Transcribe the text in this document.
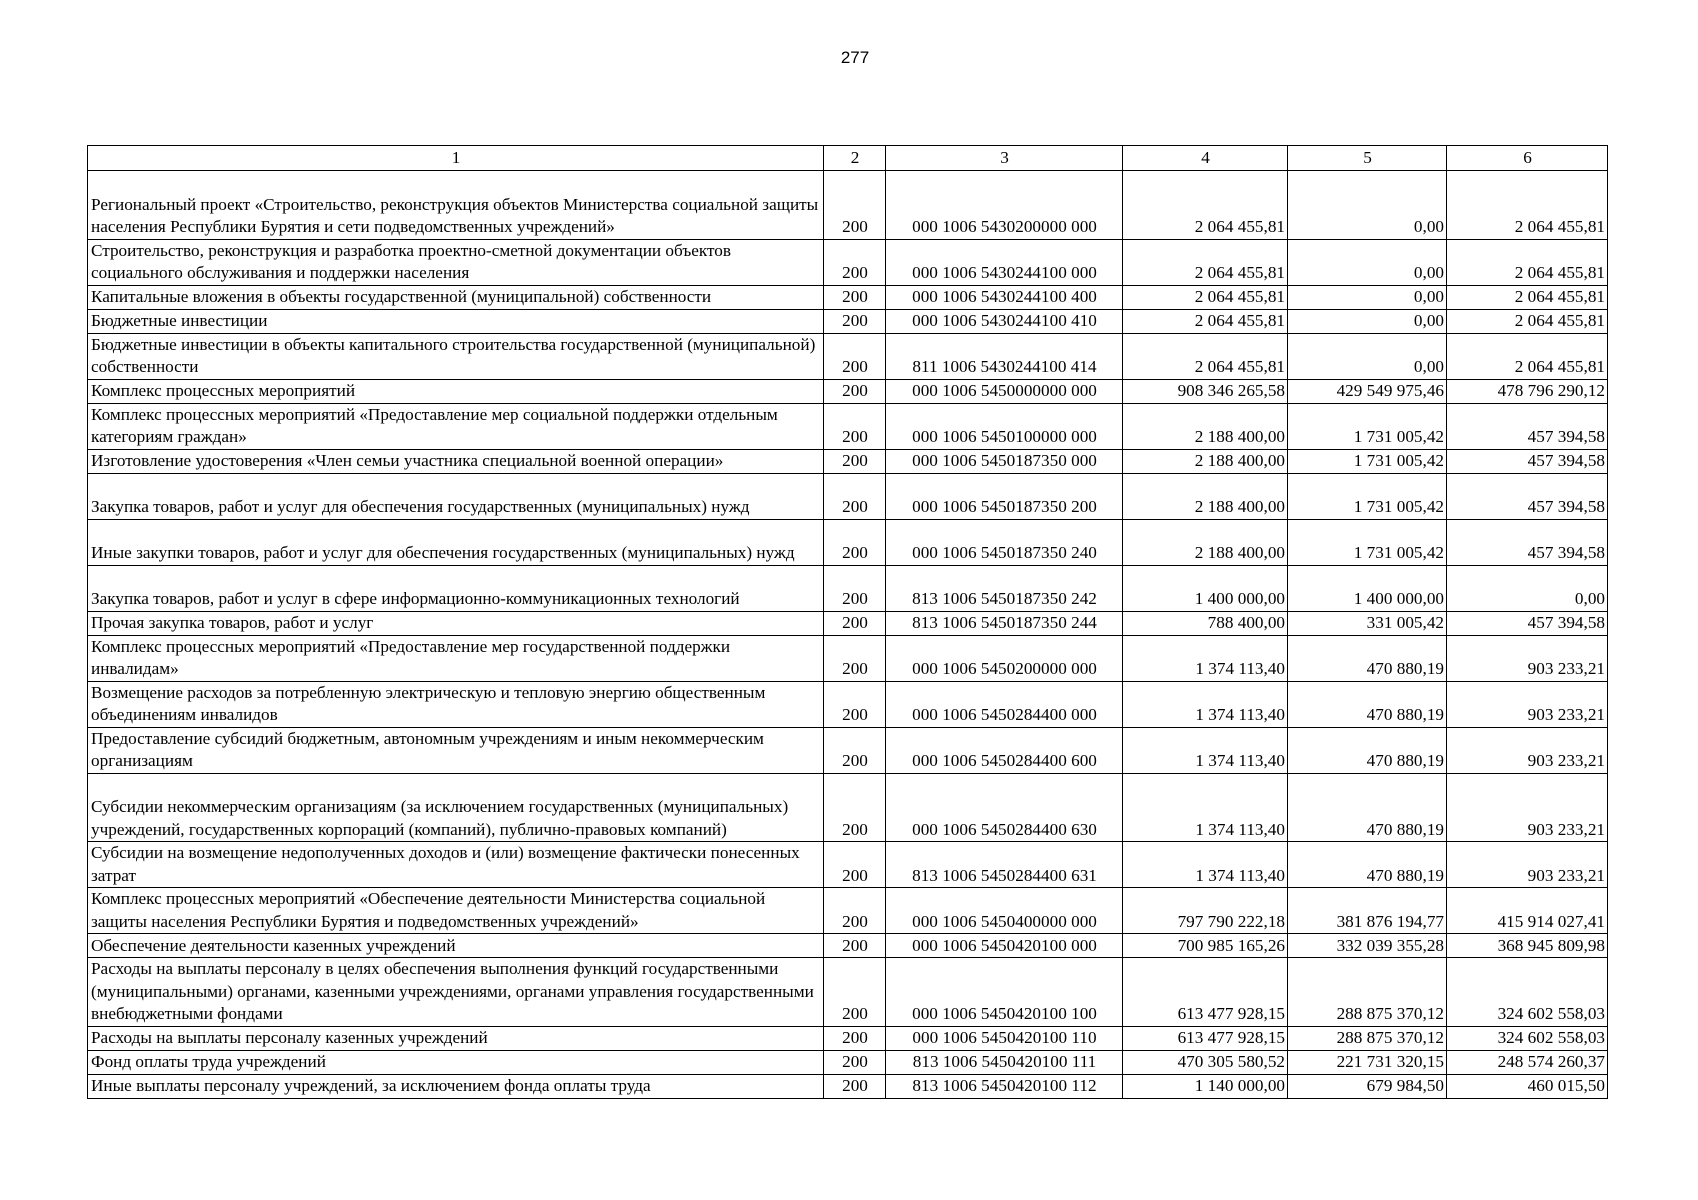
277
1	2	3	4	5	6
Региональный проект «Строительство, реконструкция объектов Министерства социальной защиты населения Республики Бурятия и сети подведомственных учреждений»	200	000 1006 5430200000 000	2 064 455,81	0,00	2 064 455,81
Строительство, реконструкция и разработка проектно-сметной документации объектов социального обслуживания и поддержки населения	200	000 1006 5430244100 000	2 064 455,81	0,00	2 064 455,81
Капитальные вложения в объекты государственной (муниципальной) собственности	200	000 1006 5430244100 400	2 064 455,81	0,00	2 064 455,81
Бюджетные инвестиции	200	000 1006 5430244100 410	2 064 455,81	0,00	2 064 455,81
Бюджетные инвестиции в объекты капитального строительства государственной (муниципальной) собственности	200	811 1006 5430244100 414	2 064 455,81	0,00	2 064 455,81
Комплекс процессных мероприятий	200	000 1006 5450000000 000	908 346 265,58	429 549 975,46	478 796 290,12
Комплекс процессных мероприятий «Предоставление мер социальной поддержки отдельным категориям граждан»	200	000 1006 5450100000 000	2 188 400,00	1 731 005,42	457 394,58
Изготовление удостоверения «Член семьи участника специальной военной операции»	200	000 1006 5450187350 000	2 188 400,00	1 731 005,42	457 394,58
Закупка товаров, работ и услуг для обеспечения государственных (муниципальных) нужд	200	000 1006 5450187350 200	2 188 400,00	1 731 005,42	457 394,58
Иные закупки товаров, работ и услуг для обеспечения государственных (муниципальных) нужд	200	000 1006 5450187350 240	2 188 400,00	1 731 005,42	457 394,58
Закупка товаров, работ и услуг в сфере информационно-коммуникационных технологий	200	813 1006 5450187350 242	1 400 000,00	1 400 000,00	0,00
Прочая закупка товаров, работ и услуг	200	813 1006 5450187350 244	788 400,00	331 005,42	457 394,58
Комплекс процессных мероприятий «Предоставление мер государственной поддержки инвалидам»	200	000 1006 5450200000 000	1 374 113,40	470 880,19	903 233,21
Возмещение расходов за потребленную электрическую и тепловую энергию общественным объединениям инвалидов	200	000 1006 5450284400 000	1 374 113,40	470 880,19	903 233,21
Предоставление субсидий бюджетным, автономным учреждениям и иным некоммерческим организациям	200	000 1006 5450284400 600	1 374 113,40	470 880,19	903 233,21
Субсидии некоммерческим организациям (за исключением государственных (муниципальных) учреждений, государственных корпораций (компаний), публично-правовых компаний)	200	000 1006 5450284400 630	1 374 113,40	470 880,19	903 233,21
Субсидии на возмещение недополученных доходов и (или) возмещение фактически понесенных затрат	200	813 1006 5450284400 631	1 374 113,40	470 880,19	903 233,21
Комплекс процессных мероприятий «Обеспечение деятельности Министерства социальной защиты населения Республики Бурятия и подведомственных учреждений»	200	000 1006 5450400000 000	797 790 222,18	381 876 194,77	415 914 027,41
Обеспечение деятельности казенных учреждений	200	000 1006 5450420100 000	700 985 165,26	332 039 355,28	368 945 809,98
Расходы на выплаты персоналу в целях обеспечения выполнения функций государственными (муниципальными) органами, казенными учреждениями, органами управления государственными внебюджетными фондами	200	000 1006 5450420100 100	613 477 928,15	288 875 370,12	324 602 558,03
Расходы на выплаты персоналу казенных учреждений	200	000 1006 5450420100 110	613 477 928,15	288 875 370,12	324 602 558,03
Фонд оплаты труда учреждений	200	813 1006 5450420100 111	470 305 580,52	221 731 320,15	248 574 260,37
Иные выплаты персоналу учреждений, за исключением фонда оплаты труда	200	813 1006 5450420100 112	1 140 000,00	679 984,50	460 015,50
